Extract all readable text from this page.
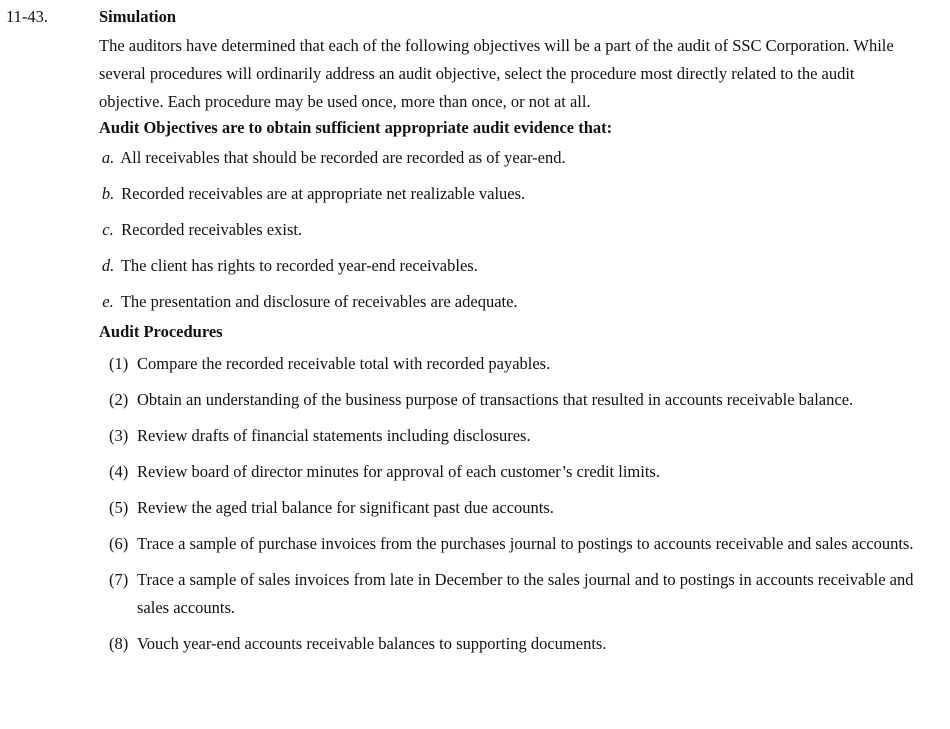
11-43.	Simulation

The auditors have determined that each of the following objectives will be a part of the audit of SSC Corporation. While several procedures will ordinarily address an audit objective, select the procedure most directly related to the audit objective. Each procedure may be used once, more than once, or not at all.

Audit Objectives are to obtain sufficient appropriate audit evidence that:
a. All receivables that should be recorded are recorded as of year-end.
b. Recorded receivables are at appropriate net realizable values.
c. Recorded receivables exist.
d. The client has rights to recorded year-end receivables.
e. The presentation and disclosure of receivables are adequate.
Audit Procedures
(1) Compare the recorded receivable total with recorded payables.
(2) Obtain an understanding of the business purpose of transactions that resulted in accounts receivable balance.
(3) Review drafts of financial statements including disclosures.
(4) Review board of director minutes for approval of each customer’s credit limits.
(5) Review the aged trial balance for significant past due accounts.
(6) Trace a sample of purchase invoices from the purchases journal to postings to accounts receivable and sales accounts.
(7) Trace a sample of sales invoices from late in December to the sales journal and to postings in accounts receivable and sales accounts.
(8) Vouch year-end accounts receivable balances to supporting documents.
